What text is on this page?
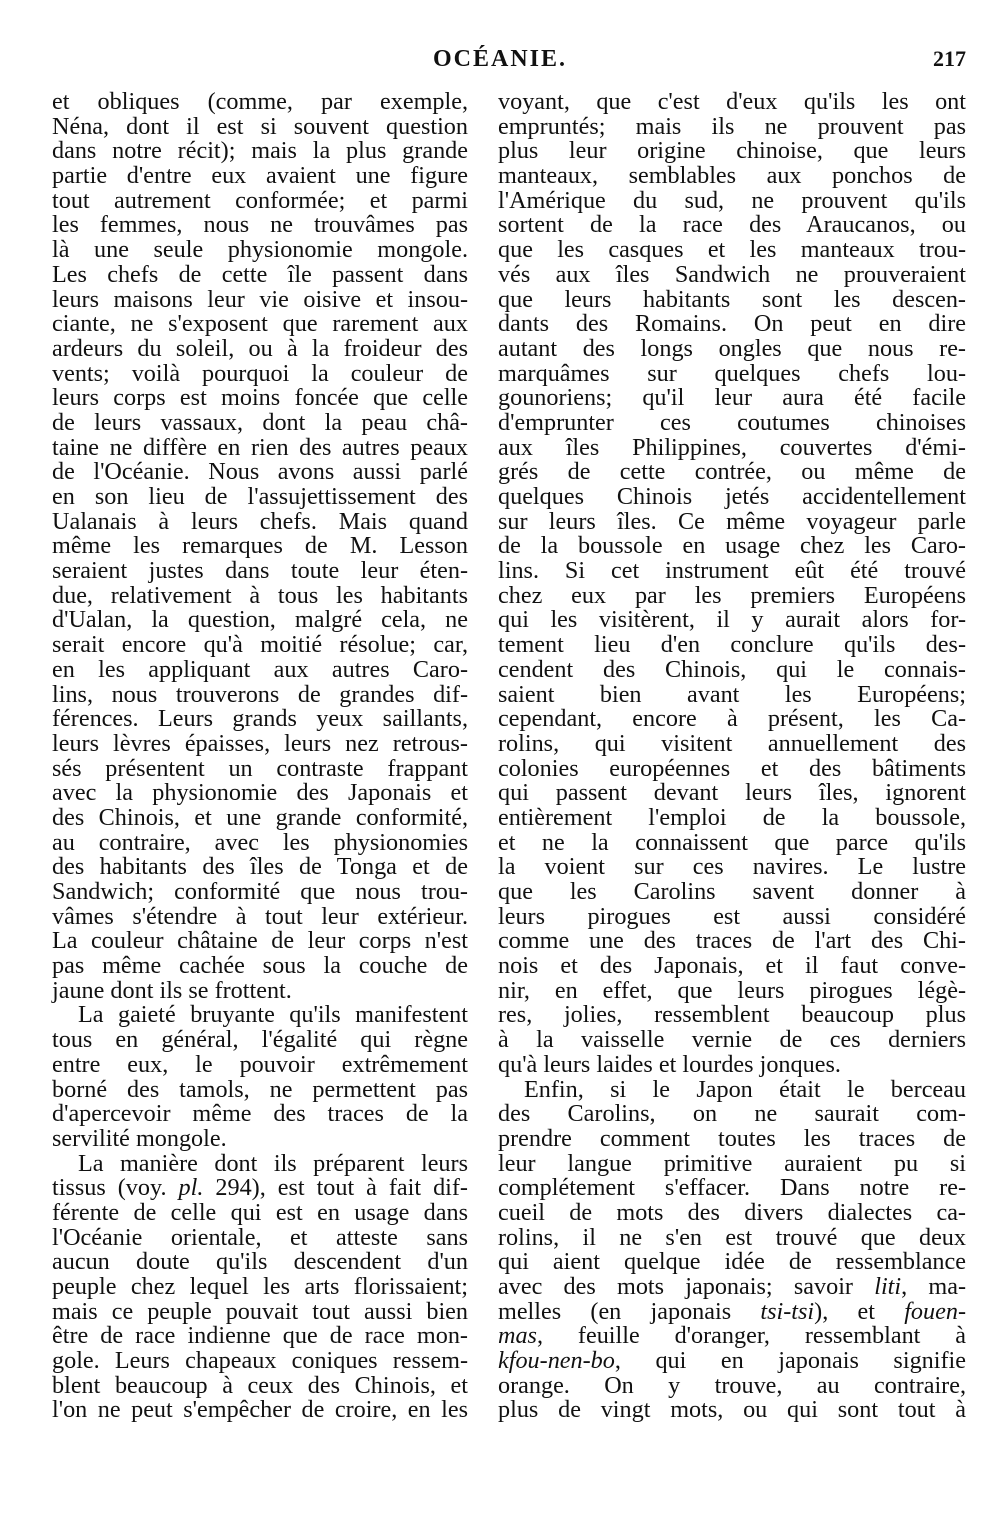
OCÉANIE.	217
et obliques (comme, par exemple,
Néna, dont il est si souvent question
dans notre récit); mais la plus grande
partie d'entre eux avaient une figure
tout autrement conformée; et parmi
les femmes, nous ne trouvâmes pas
là une seule physionomie mongole.
Les chefs de cette île passent dans
leurs maisons leur vie oisive et insou-
ciante, ne s'exposent que rarement aux
ardeurs du soleil, ou à la froideur des
vents; voilà pourquoi la couleur de
leurs corps est moins foncée que celle
de leurs vassaux, dont la peau châ-
taine ne diffère en rien des autres peaux
de l'Océanie. Nous avons aussi parlé
en son lieu de l'assujettissement des
Ualanais à leurs chefs. Mais quand
même les remarques de M. Lesson
seraient justes dans toute leur éten-
due, relativement à tous les habitants
d'Ualan, la question, malgré cela, ne
serait encore qu'à moitié résolue; car,
en les appliquant aux autres Caro-
lins, nous trouverons de grandes dif-
férences. Leurs grands yeux saillants,
leurs lèvres épaisses, leurs nez retrous-
sés présentent un contraste frappant
avec la physionomie des Japonais et
des Chinois, et une grande conformité,
au contraire, avec les physionomies
des habitants des îles de Tonga et de
Sandwich; conformité que nous trou-
vâmes s'étendre à tout leur extérieur.
La couleur châtaine de leur corps n'est
pas même cachée sous la couche de
jaune dont ils se frottent.
La gaieté bruyante qu'ils manifestent
tous en général, l'égalité qui règne
entre eux, le pouvoir extrêmement
borné des tamols, ne permettent pas
d'apercevoir même des traces de la
servilité mongole.
La manière dont ils préparent leurs
tissus (voy. pl. 294), est tout à fait dif-
férente de celle qui est en usage dans
l'Océanie orientale, et atteste sans
aucun doute qu'ils descendent d'un
peuple chez lequel les arts florissaient;
mais ce peuple pouvait tout aussi bien
être de race indienne que de race mon-
gole. Leurs chapeaux coniques ressem-
blent beaucoup à ceux des Chinois, et
l'on ne peut s'empêcher de croire, en les
voyant, que c'est d'eux qu'ils les ont
empruntés; mais ils ne prouvent pas
plus leur origine chinoise, que leurs
manteaux, semblables aux ponchos de
l'Amérique du sud, ne prouvent qu'ils
sortent de la race des Araucanos, ou
que les casques et les manteaux trou-
vés aux îles Sandwich ne prouveraient
que leurs habitants sont les descen-
dants des Romains. On peut en dire
autant des longs ongles que nous re-
marquâmes sur quelques chefs lou-
gounoriens; qu'il leur aura été facile
d'emprunter ces coutumes chinoises
aux îles Philippines, couvertes d'émi-
grés de cette contrée, ou même de
quelques Chinois jetés accidentellement
sur leurs îles. Ce même voyageur parle
de la boussole en usage chez les Caro-
lins. Si cet instrument eût été trouvé
chez eux par les premiers Européens
qui les visitèrent, il y aurait alors for-
tement lieu d'en conclure qu'ils des-
cendent des Chinois, qui le connais-
saient bien avant les Européens;
cependant, encore à présent, les Ca-
rolins, qui visitent annuellement des
colonies européennes et des bâtiments
qui passent devant leurs îles, ignorent
entièrement l'emploi de la boussole,
et ne la connaissent que parce qu'ils
la voient sur ces navires. Le lustre
que les Carolins savent donner à
leurs pirogues est aussi considéré
comme une des traces de l'art des Chi-
nois et des Japonais, et il faut conve-
nir, en effet, que leurs pirogues légè-
res, jolies, ressemblent beaucoup plus
à la vaisselle vernie de ces derniers
qu'à leurs laides et lourdes jonques.
Enfin, si le Japon était le berceau
des Carolins, on ne saurait com-
prendre comment toutes les traces de
leur langue primitive auraient pu si
complétement s'effacer. Dans notre re-
cueil de mots des divers dialectes ca-
rolins, il ne s'en est trouvé que deux
qui aient quelque idée de ressemblance
avec des mots japonais; savoir liti, ma-
melles (en japonais tsi-tsi), et fouen-
mas, feuille d'oranger, ressemblant à
kfou-nen-bo, qui en japonais signifie
orange. On y trouve, au contraire,
plus de vingt mots, ou qui sont tout à
